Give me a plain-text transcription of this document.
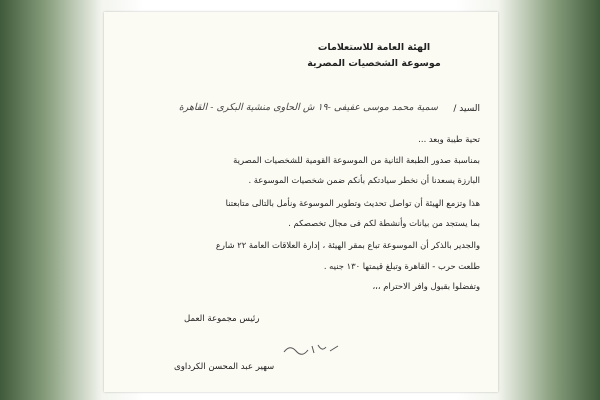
الهئة العامة للاستعلامات
موسوعة الشخصيات المصرية
السيد /
سمية محمد موسى عفيفى -١٩ ش الحاوى منشية البكرى - القاهرة
تحية طيبة وبعد ...
بمناسبة صدور الطبعة الثانية من الموسوعة القومية للشخصيات المصرية
البارزة يسعدنا أن نخطر سيادتكم بأنكم ضمن شخصيات الموسوعة .
هذا وتزمع الهيئة أن تواصل تحديث وتطوير الموسوعة ونأمل بالتالى متابعتنا
بما يستجد من بيانات وأنشطة لكم فى مجال تخصصكم .
والجدير بالذكر أن الموسوعة تباع بمقر الهيئة ، إدارة العلاقات العامة ٢٢ شارع
طلعت حرب - القاهرة وتبلغ قيمتها ١٣٠ جنيه .
وتفضلوا بقبول وافر الاحترام ،،،
رئيس مجموعة العمل
سهير عبد المحسن الكرداوى
